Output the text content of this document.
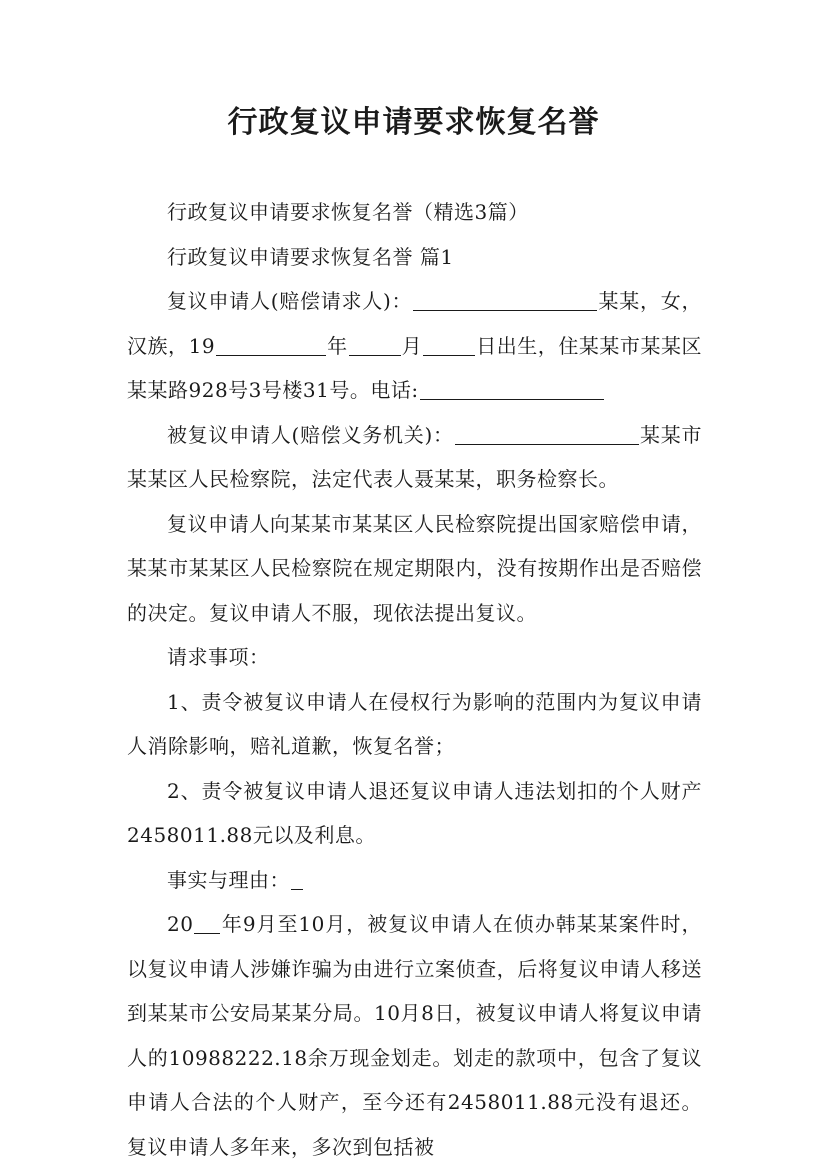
行政复议申请要求恢复名誉

行政复议申请要求恢复名誉（精选3篇）

行政复议申请要求恢复名誉 篇1

复议申请人(赔偿请求人)：	某某，女，汉族，19	年	月	日出生，住某某市某某区某某路928号3号楼31号。电话:

被复议申请人(赔偿义务机关)：	某某市某某区人民检察院，法定代表人聂某某，职务检察长。

复议申请人向某某市某某区人民检察院提出国家赔偿申请，某某市某某区人民检察院在规定期限内，没有按期作出是否赔偿的决定。复议申请人不服，现依法提出复议。

请求事项：

1、责令被复议申请人在侵权行为影响的范围内为复议申请人消除影响，赔礼道歉，恢复名誉；

2、责令被复议申请人退还复议申请人违法划扣的个人财产2458011.88元以及利息。

事实与理由：

20 年9月至10月，被复议申请人在侦办韩某某案件时，以复议申请人涉嫌诈骗为由进行立案侦查，后将复议申请人移送到某某市公安局某某分局。10月8日，被复议申请人将复议申请人的10988222.18余万现金划走。划走的款项中，包含了复议申请人合法的个人财产，至今还有2458011.88元没有退还。复议申请人多年来，多次到包括被
